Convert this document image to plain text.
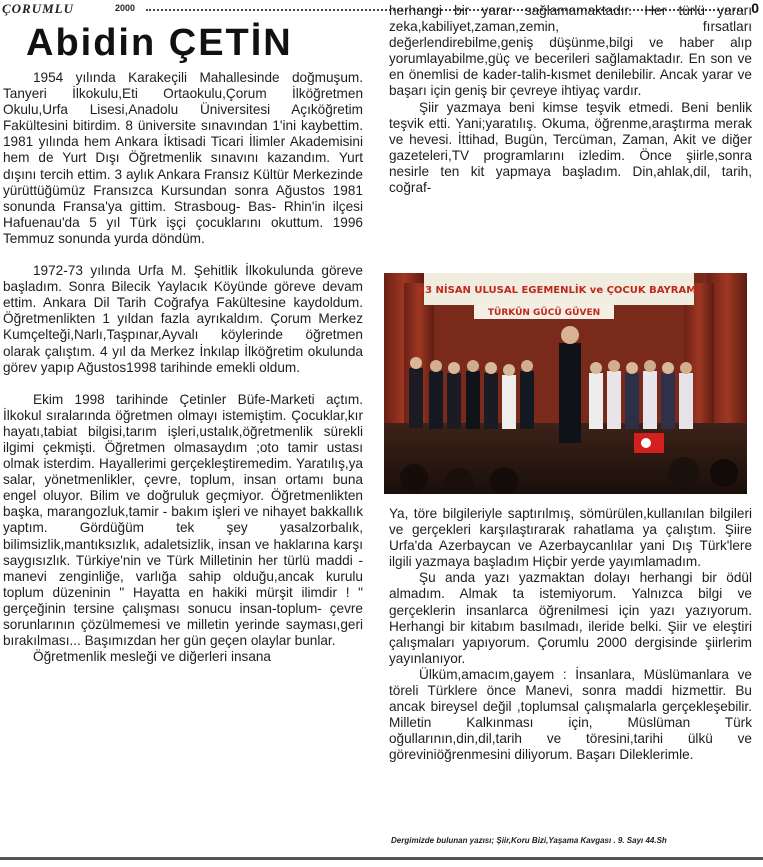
ÇORUMLU	2000	0
Abidin ÇETİN

1954 yılında Karakeçili Mahallesinde doğmuşum. Tanyeri İlkokulu,Eti Ortaokulu,Çorum İlköğretmen Okulu,Urfa Lisesi,Anadolu Üniversitesi Açıköğretim Fakültesini bitirdim. 8 üniversite sınavından 1'ini kaybettim. 1981 yılında hem Ankara İktisadi Ticari İlimler Akademisini hem de Yurt Dışı Öğretmenlik sınavını kazandım. Yurt dışını tercih ettim. 3 aylık Ankara Fransız Kültür Merkezinde yürüttüğümüz Fransızca Kursundan sonra Ağustos 1981 sonunda Fransa'ya gittim. Strasboug- Bas- Rhin'in ilçesi Hafuenau'da 5 yıl Türk işçi çocuklarını okuttum. 1996 Temmuz sonunda yurda döndüm.

1972-73 yılında Urfa M. Şehitlik İlkokulunda göreve başladım. Sonra Bilecik Yaylacık Köyünde göreve devam ettim. Ankara Dil Tarih Coğrafya Fakültesine kaydoldum. Öğretmenlikten 1 yıldan fazla ayrıkaldım. Çorum Merkez Kumçelteği,Narlı,Taşpınar,Ayvalı köylerinde öğretmen olarak çalıştım. 4 yıl da Merkez İnkılap İlköğretim okulunda görev yapıp Ağustos1998 tarihinde emekli oldum.

Ekim 1998 tarihinde Çetinler Büfe-Marketi açtım. İlkokul sıralarında öğretmen olmayı istemiştim. Çocuklar,kır hayatı,tabiat bilgisi,tarım işleri,ustalık,öğretmenlik sürekli ilgimi çekmişti. Öğretmen olmasaydım ;oto tamir ustası olmak isterdim. Hayallerimi gerçekleştiremedim. Yaratılış,ya salar, yönetmenlikler, çevre, toplum, insan ortamı buna engel oluyor. Bilim ve doğruluk geçmiyor. Öğretmenlikten başka, marangozluk,tamir - bakım işleri ve nihayet bakkallık yaptım. Gördüğüm tek şey yasalzorbalık, bilimsizlik,mantıksızlık, adaletsizlik, insan ve haklarına karşı saygısızlık. Türkiye'nin ve Türk Milletinin her türlü maddi -manevi zenginliğe, varlığa sahip olduğu,ancak kurulu toplum düzeninin " Hayatta en hakiki mürşit ilimdir ! " gerçeğinin tersine çalışması sonucu insan-toplum- çevre sorunlarının çözülmemesi ve milletin yerinde sayması,geri bırakılması... Başımızdan her gün geçen olaylar bunlar.

Öğretmenlik mesleği ve diğerleri insana

herhangi bir yarar sağlamamaktadır. Her türlü yararı zeka,kabiliyet,zaman,zemin, fırsatları değerlendirebilme,geniş düşünme,bilgi ve haber alıp yorumlayabilme,güç ve becerileri sağlamaktadır. En son ve en önemlisi de kader-talih-kısmet denilebilir. Ancak yarar ve başarı için geniş bir çevreye ihtiyaç vardır.

Şiir yazmaya beni kimse teşvik etmedi. Beni benlik teşvik etti. Yani;yaratılış. Okuma, öğrenme,araştırma merak ve hevesi. İttihad, Bugün, Tercüman, Zaman, Akit ve diğer gazeteleri,TV programlarını izledim. Önce şiirle,sonra nesirle ten kit yapmaya başladım. Din,ahlak,dil, tarih, coğraf-

23 NİSAN ULUSAL EGEMENLİK ve ÇOCUK BAYRAMI
TÜRKÜN GÜCÜ GÜVEN

Ya, töre bilgileriyle saptırılmış, sömürülen,kullanılan bilgileri ve gerçekleri karşılaştırarak rahatlama ya çalıştım. Şiire Urfa'da Azerbaycan ve Azerbaycanlılar yani Dış Türk'lere ilgili yazmaya başladım Hiçbir yerde yayımlamadım.

Şu anda yazı yazmaktan dolayı herhangi bir ödül almadım. Almak ta istemiyorum. Yalnızca bilgi ve gerçeklerin insanlarca öğrenilmesi için yazı yazıyorum. Herhangi bir kitabım basılmadı, ileride belki. Şiir ve eleştiri çalışmaları yapıyorum. Çorumlu 2000 dergisinde şiirlerim yayınlanıyor.

Ülküm,amacım,gayem : İnsanlara, Müslümanlara ve töreli Türklere önce Manevi, sonra maddi hizmettir. Bu ancak bireysel değil ,toplumsal çalışmalarla gerçekleşebilir. Milletin Kalkınması için, Müslüman Türk oğullarının,din,dil,tarih ve töresini,tarihi ülkü ve göreviniöğrenmesini diliyorum. Başarı Dileklerimle.

Dergimizde bulunan yazısı; Şiir,Koru Bizi,Yaşama Kavgası . 9. Sayı 44.Sh
